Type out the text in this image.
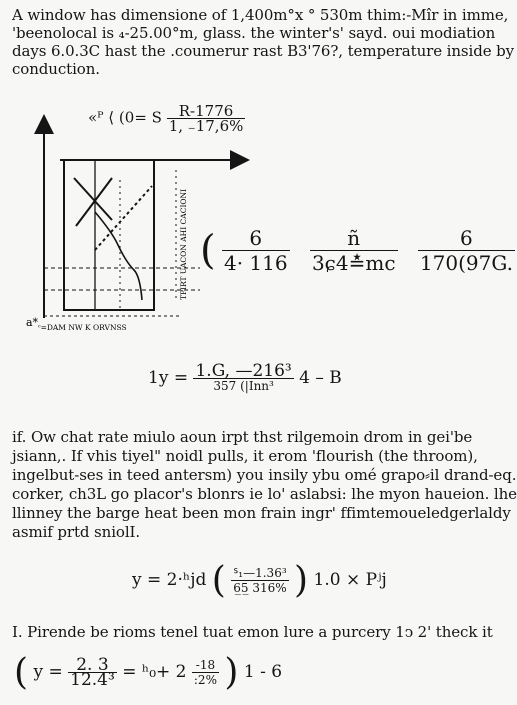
A window has dimensione of 1,400m°x ° 530m thim:-Mîr in imme,
'beenolocal is ₄-25.00°m, glass. the winter's' sayd. oui modiation
days 6.0.3C hast the .coumerur rast B3'76?, temperature inside by
conduction.
«ᴾ ⟨ (0= S $\frac{R-1776}{1, _-17,6\%}$
TPIRT UACON AHI CACIONI
ᶜ=DAM NW K ORVNSS
a*
( $\frac{6}{4\cdot 116}$
$\frac{ñ}{\text{3ɕ4≛mc}}$
$\frac{6}{170(97G.}$
$1y = \frac{\text{1.G, —216³}}{\text{357 (|Inn³}} 4 - B$
if. Ow chat rate miulo aoun irpt thst rilgemoin drom in gei'be
jsiann,. If vhis tiyel" noidl pulls, it erom 'flourish (the throom),
ingelbut-ses in teed antersm) you insily ybu omé grapo⸗il drand-eq.
corker, ch3L go placor's blonrs ie lo' aslabsi: lhe myon haueion. lhe
llinney the barge heat been mon frain ingr' ffimtemoueledgerlaldy
asmif prtd sniolI.
y = 2·ʰjd ( $\frac{\text{ᔆ₁—1.36³}}{6̲5̲ 316\%}$ ) 1.0 × Pʲj
I. Pirende be rioms tenel tuat emon lure a purcery 1ↄ 2' theck it
( $y = \frac{2. 3}{\text{12.4³}}$ = ʰ₀+ $2 \frac{-18}{:2\%}$ ) 1 - 6
